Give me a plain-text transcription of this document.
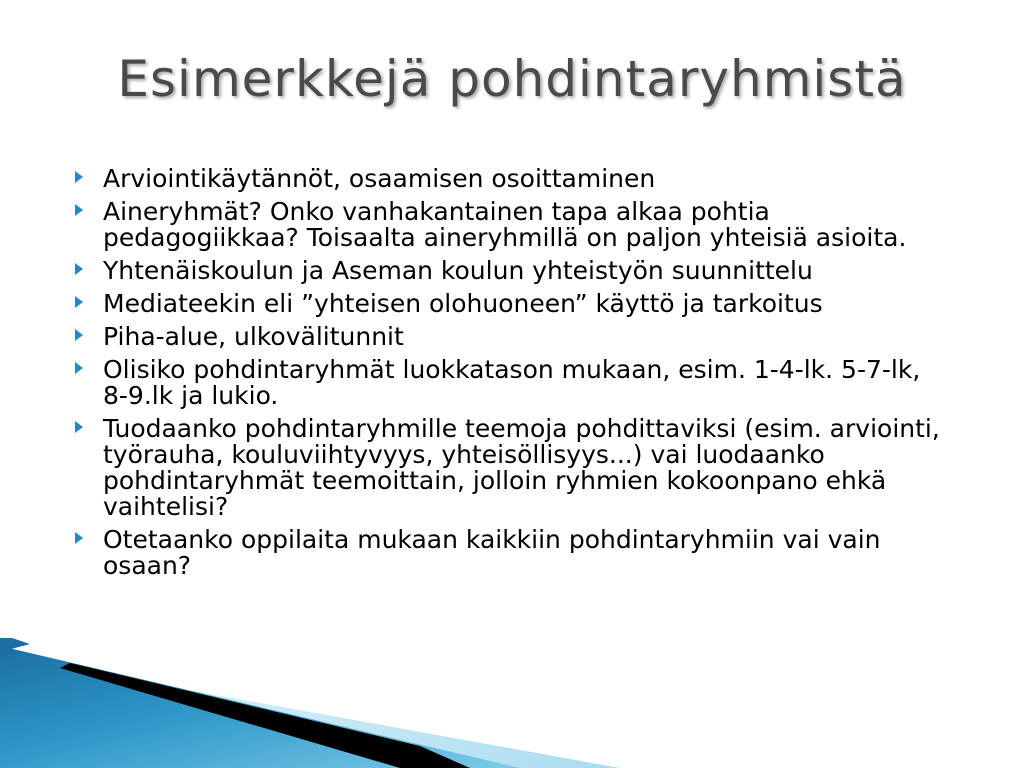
Esimerkkejä pohdintaryhmistä
Arviointikäytännöt, osaamisen osoittaminen
Aineryhmät? Onko vanhakantainen tapa alkaa pohtia pedagogiikkaa? Toisaalta aineryhmillä on paljon yhteisiä asioita.
Yhtenäiskoulun ja Aseman koulun yhteistyön suunnittelu
Mediateekin eli ”yhteisen olohuoneen” käyttö ja tarkoitus
Piha-alue, ulkovälitunnit
Olisiko pohdintaryhmät luokkatason mukaan, esim. 1-4-lk. 5-7-lk, 8-9.lk ja lukio.
Tuodaanko pohdintaryhmille teemoja pohdittaviksi (esim. arviointi, työrauha, kouluviihtyvyys, yhteisöllisyys...) vai luodaanko pohdintaryhmät teemoittain, jolloin ryhmien kokoonpano ehkä vaihtelisi?
Otetaanko oppilaita mukaan kaikkiin pohdintaryhmiin vai vain osaan?
